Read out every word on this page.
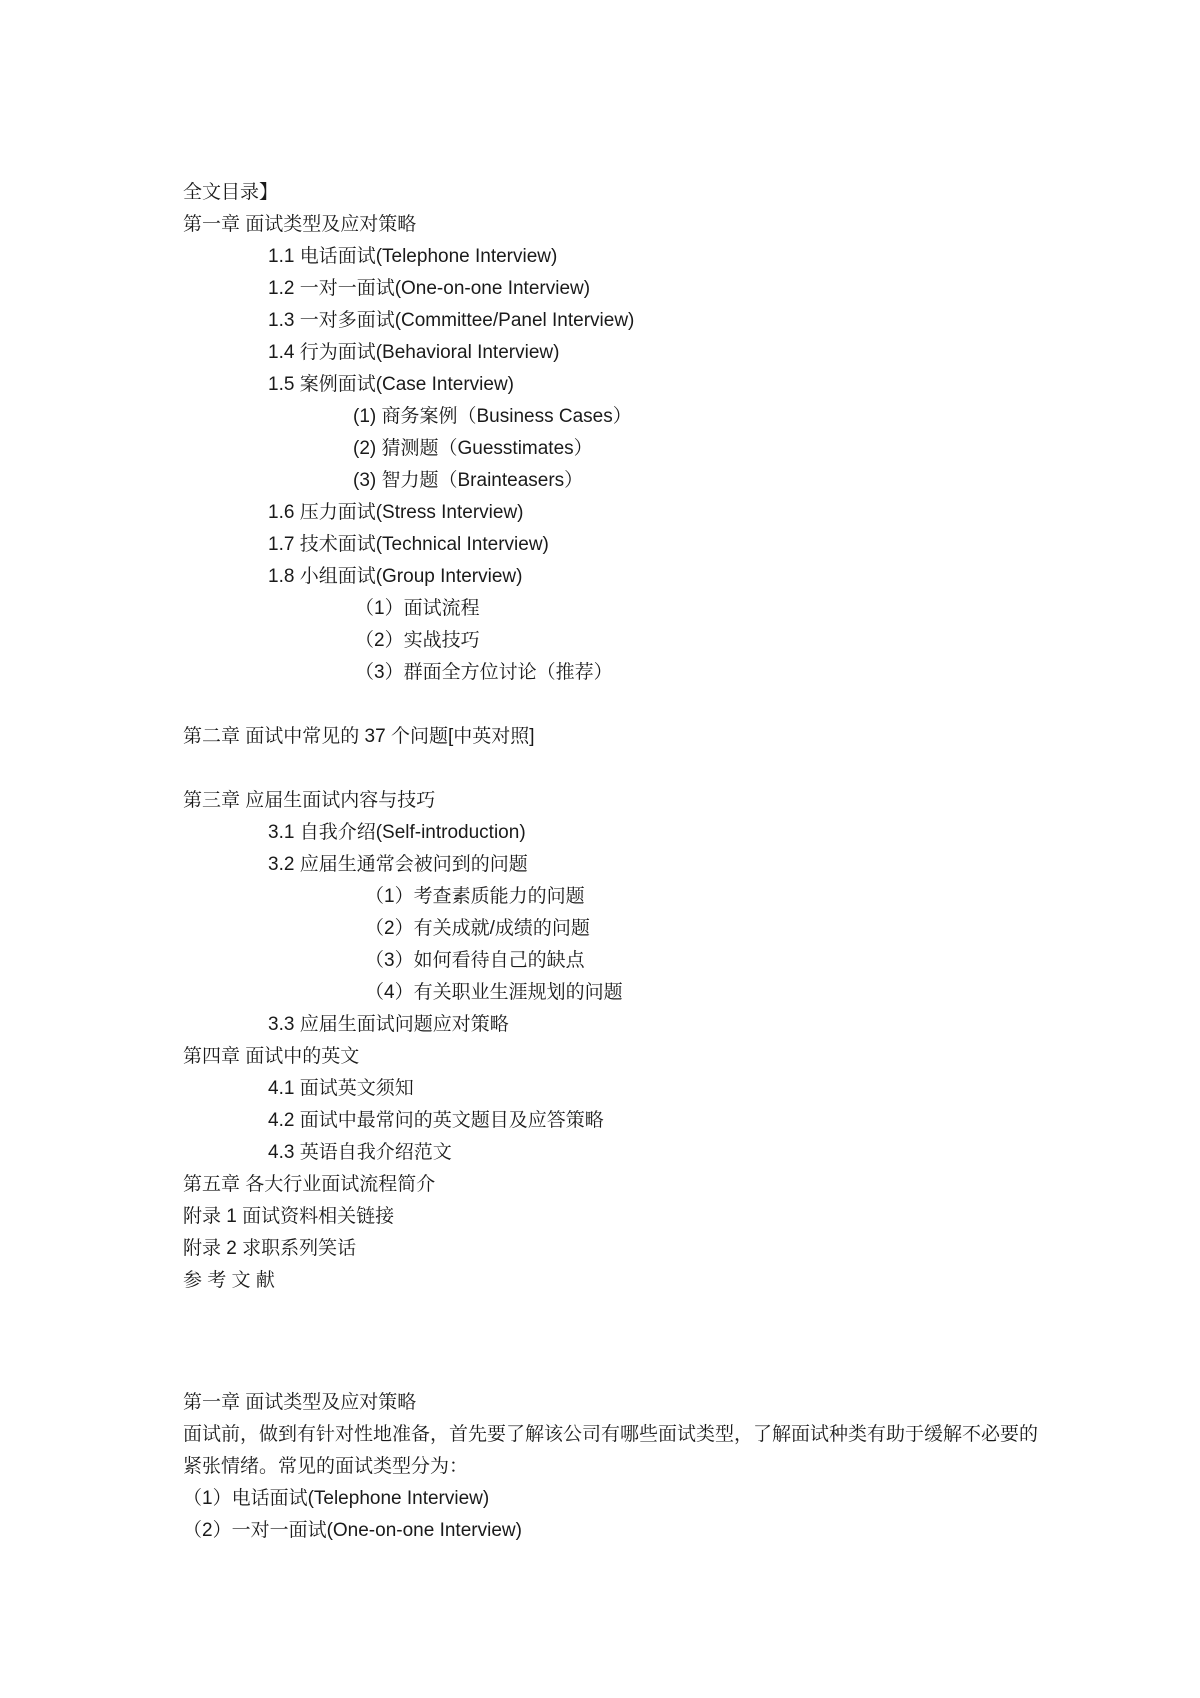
全文目录】
第一章 面试类型及应对策略
1.1 电话面试(Telephone Interview)
1.2 一对一面试(One-on-one Interview)
1.3 一对多面试(Committee/Panel Interview)
1.4 行为面试(Behavioral Interview)
1.5 案例面试(Case Interview)
(1) 商务案例（Business Cases）
(2) 猜测题（Guesstimates）
(3) 智力题（Brainteasers）
1.6 压力面试(Stress Interview)
1.7 技术面试(Technical Interview)
1.8 小组面试(Group Interview)
（1）面试流程
（2）实战技巧
（3）群面全方位讨论（推荐）
第二章 面试中常见的 37 个问题[中英对照]
第三章 应届生面试内容与技巧
3.1 自我介绍(Self-introduction)
3.2 应届生通常会被问到的问题
（1）考查素质能力的问题
（2）有关成就/成绩的问题
（3）如何看待自己的缺点
（4）有关职业生涯规划的问题
3.3 应届生面试问题应对策略
第四章 面试中的英文
4.1 面试英文须知
4.2 面试中最常问的英文题目及应答策略
4.3 英语自我介绍范文
第五章 各大行业面试流程简介
附录 1 面试资料相关链接
附录 2 求职系列笑话
参 考 文 献
第一章 面试类型及应对策略
面试前，做到有针对性地准备，首先要了解该公司有哪些面试类型，了解面试种类有助于缓解不必要的紧张情绪。常见的面试类型分为：
（1）电话面试(Telephone Interview)
（2）一对一面试(One-on-one Interview)
